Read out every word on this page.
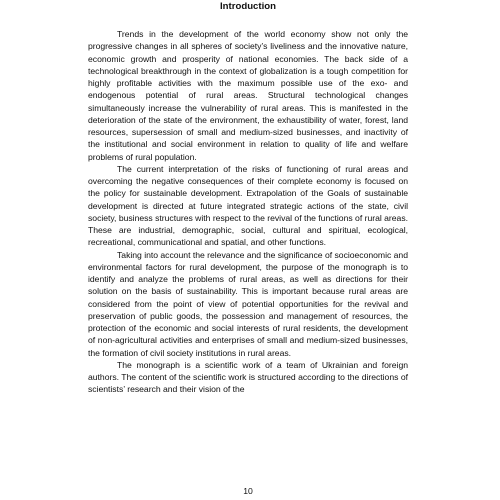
Introduction

Trends in the development of the world economy show not only the progressive changes in all spheres of society’s liveliness and the innovative nature, economic growth and prosperity of national economies. The back side of a technological breakthrough in the context of globalization is a tough competition for highly profitable activities with the maximum possible use of the exo- and endogenous potential of rural areas. Structural technological changes simultaneously increase the vulnerability of rural areas. This is manifested in the deterioration of the state of the environment, the exhaustibility of water, forest, land resources, supersession of small and medium-sized businesses, and inactivity of the institutional and social environment in relation to quality of life and welfare problems of rural population.

The current interpretation of the risks of functioning of rural areas and overcoming the negative consequences of their complete economy is focused on the policy for sustainable development. Extrapolation of the Goals of sustainable development is directed at future integrated strategic actions of the state, civil society, business structures with respect to the revival of the functions of rural areas. These are industrial, demographic, social, cultural and spiritual, ecological, recreational, communicational and spatial, and other functions.

Taking into account the relevance and the significance of socioeconomic and environmental factors for rural development, the purpose of the monograph is to identify and analyze the problems of rural areas, as well as directions for their solution on the basis of sustainability. This is important because rural areas are considered from the point of view of potential opportunities for the revival and preservation of public goods, the possession and management of resources, the protection of the economic and social interests of rural residents, the development of non-agricultural activities and enterprises of small and medium-sized businesses, the formation of civil society institutions in rural areas.

The monograph is a scientific work of a team of Ukrainian and foreign authors. The content of the scientific work is structured according to the directions of scientists’ research and their vision of the

10
